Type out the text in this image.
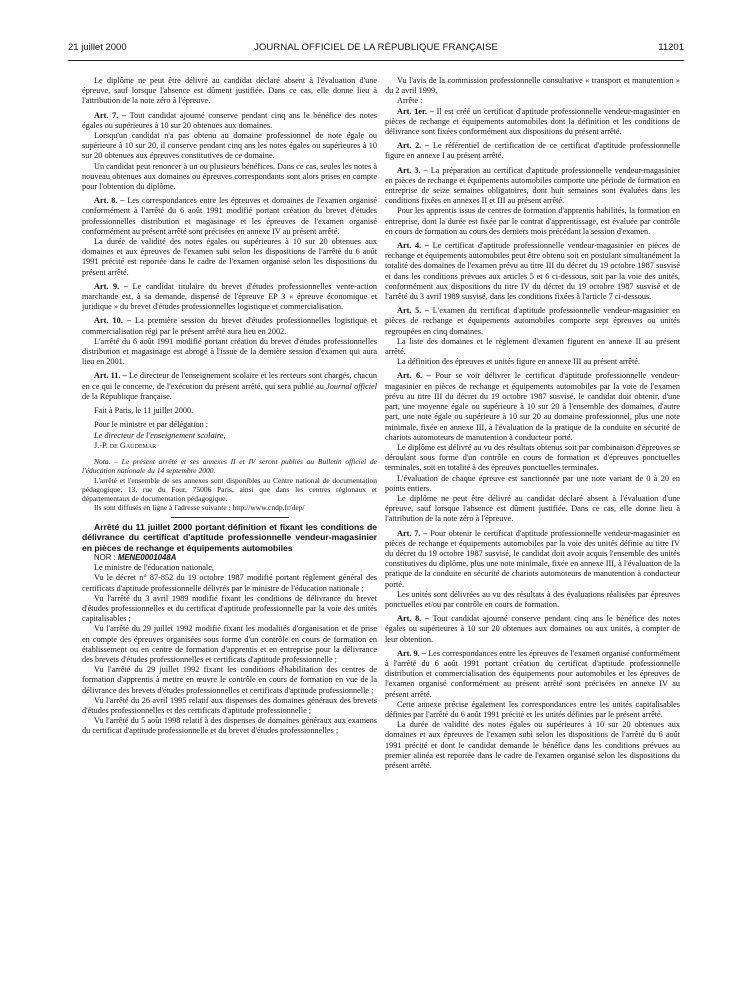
21 juillet 2000	JOURNAL OFFICIEL DE LA RÉPUBLIQUE FRANÇAISE	11201

Le diplôme ne peut être délivré au candidat déclaré absent à l'évaluation d'une épreuve, sauf lorsque l'absence est dûment justifiée. Dans ce cas, elle donne lieu à l'attribution de la note zéro à l'épreuve.

Art. 7. – Tout candidat ajourné conserve pendant cinq ans le bénéfice des notes égales ou supérieures à 10 sur 20 obtenues aux domaines.

Lorsqu'un candidat n'a pas obtenu au domaine professionnel de note égale ou supérieure à 10 sur 20, il conserve pendant cinq ans les notes égales ou supérieures à 10 sur 20 obtenues aux épreuves constitutives de ce domaine.

Un candidat peut renoncer à un ou plusieurs bénéfices. Dans ce cas, seules les notes à nouveau obtenues aux domaines ou épreuves correspondants sont alors prises en compte pour l'obtention du diplôme.

Art. 8. – Les correspondances entre les épreuves et domaines de l'examen organisé conformément à l'arrêté du 6 août 1991 modifié portant création du brevet d'études professionnelles distribution et magasinage et les épreuves de l'examen organisé conformément au présent arrêté sont précisées en annexe IV au présent arrêté.

La durée de validité des notes égales ou supérieures à 10 sur 20 obtenues aux domaines et aux épreuves de l'examen subi selon les dispositions de l'arrêté du 6 août 1991 précité est reportée dans le cadre de l'examen organisé selon les dispositions du présent arrêté.

Art. 9. – Le candidat titulaire du brevet d'études professionnelles vente-action marchande est, à sa demande, dispensé de l'épreuve EP 3 « épreuve économique et juridique » du brevet d'études professionnelles logistique et commercialisation.

Art. 10. – La première session du brevet d'études professionnelles logistique et commercialisation régi par le présent arrêté aura lieu en 2002.

L'arrêté du 6 août 1991 modifié portant création du brevet d'études professionnelles distribution et magasinage est abrogé à l'issue de la dernière session d'examen qui aura lieu en 2001.

Art. 11. – Le directeur de l'enseignement scolaire et les recteurs sont chargés, chacun en ce qui le concerne, de l'exécution du présent arrêté, qui sera publié au Journal officiel de la République française.

Fait à Paris, le 11 juillet 2000.

Pour le ministre et par délégation :

Le directeur de l'enseignement scolaire,

J.-P. de Gaudemar

Nota. – Le présent arrêté et ses annexes II et IV seront publiés au Bulletin officiel de l'éducation nationale du 14 septembre 2000.

L'arrêté et l'ensemble de ses annexes sont disponibles au Centre national de documentation pédagogique, 13, rue du Four, 75006 Paris, ainsi que dans les centres régionaux et départementaux de documentation pédagogique.

Ils sont diffusés en ligne à l'adresse suivante : http://www.cndp.fr/dep/

Arrêté du 11 juillet 2000 portant définition et fixant les conditions de délivrance du certificat d'aptitude professionnelle vendeur-magasinier en pièces de rechange et équipements automobiles

NOR : MENE0001048A

Le ministre de l'éducation nationale,

Vu le décret n° 87-852 du 19 octobre 1987 modifié portant règlement général des certificats d'aptitude professionnelle délivrés par le ministre de l'éducation nationale ;

Vu l'arrêté du 3 avril 1989 modifié fixant les conditions de délivrance du brevet d'études professionnelles et du certificat d'aptitude professionnelle par la voie des unités capitalisables ;

Vu l'arrêté du 29 juillet 1992 modifié fixant les modalités d'organisation et de prise en compte des épreuves organisées sous forme d'un contrôle en cours de formation en établissement ou en centre de formation d'apprentis et en entreprise pour la délivrance des brevets d'études professionnelles et certificats d'aptitude professionnelle ;

Vu l'arrêté du 29 juillet 1992 fixant les conditions d'habilitation des centres de formation d'apprentis à mettre en œuvre le contrôle en cours de formation en vue de la délivrance des brevets d'études professionnelles et certificats d'aptitude professionnelle ;

Vu l'arrêté du 26 avril 1995 relatif aux dispenses des domaines généraux des brevets d'études professionnelles et des certificats d'aptitude professionnelle ;

Vu l'arrêté du 5 août 1998 relatif à des dispenses de domaines généraux aux examens du certificat d'aptitude professionnelle et du brevet d'études professionnelles ;

Vu l'avis de la commission professionnelle consultative « transport et manutention » du 2 avril 1999,

Arrête :

Art. 1er. – Il est créé un certificat d'aptitude professionnelle vendeur-magasinier en pièces de rechange et équipements automobiles dont la définition et les conditions de délivrance sont fixées conformément aux dispositions du présent arrêté.

Art. 2. – Le référentiel de certification de ce certificat d'aptitude professionnelle figure en annexe I au présent arrêté.

Art. 3. – La préparation au certificat d'aptitude professionnelle vendeur-magasinier en pièces de rechange et équipements automobiles comporte une période de formation en entreprise de seize semaines obligatoires, dont huit semaines sont évaluées dans les conditions fixées en annexes II et III au présent arrêté.

Pour les apprentis issus de centres de formation d'apprentis habilités, la formation en entreprise, dont la durée est fixée par le contrat d'apprentissage, est évaluée par contrôle en cours de formation au cours des derniers mois précédant la session d'examen.

Art. 4. – Le certificat d'aptitude professionnelle vendeur-magasinier en pièces de rechange et équipements automobiles peut être obtenu soit en postulant simultanément la totalité des domaines de l'examen prévu au titre III du décret du 19 octobre 1987 susvisé et dans les conditions prévues aux articles 5 et 6 ci-dessous, soit par la voie des unités, conformément aux dispositions du titre IV du décret du 19 octobre 1987 susvisé et de l'arrêté du 3 avril 1989 susvisé, dans les conditions fixées à l'article 7 ci-dessous.

Art. 5. – L'examen du certificat d'aptitude professionnelle vendeur-magasinier en pièces de rechange et équipements automobiles comporte sept épreuves ou unités regroupées en cinq domaines.

La liste des domaines et le règlement d'examen figurent en annexe II au présent arrêté.

La définition des épreuves et unités figure en annexe III au présent arrêté.

Art. 6. – Pour se voir délivrer le certificat d'aptitude professionnelle vendeur-magasinier en pièces de rechange et équipements automobiles par la voie de l'examen prévu au titre III du décret du 19 octobre 1987 susvisé, le candidat doit obtenir, d'une part, une moyenne égale ou supérieure à 10 sur 20 à l'ensemble des domaines, d'autre part, une note égale ou supérieure à 10 sur 20 au domaine professionnel, plus une note minimale, fixée en annexe III, à l'évaluation de la pratique de la conduite en sécurité de chariots automoteurs de manutention à conducteur porté.

Le diplôme est délivré au vu des résultats obtenus soit par combinaison d'épreuves se déroulant sous forme d'un contrôle en cours de formation et d'épreuves ponctuelles terminales, soit en totalité à des épreuves ponctuelles terminales.

L'évaluation de chaque épreuve est sanctionnée par une note variant de 0 à 20 en points entiers.

Le diplôme ne peut être délivré au candidat déclaré absent à l'évaluation d'une épreuve, sauf lorsque l'absence est dûment justifiée. Dans ce cas, elle donne lieu à l'attribution de la note zéro à l'épreuve.

Art. 7. – Pour obtenir le certificat d'aptitude professionnelle vendeur-magasinier en pièces de rechange et équipements automobiles par la voie des unités définie au titre IV du décret du 19 octobre 1987 susvisé, le candidat doit avoir acquis l'ensemble des unités constitutives du diplôme, plus une note minimale, fixée en annexe III, à l'évaluation de la pratique de la conduite en sécurité de chariots automoteurs de manutention à conducteur porté.

Les unités sont délivrées au vu des résultats à des évaluations réalisées par épreuves ponctuelles et/ou par contrôle en cours de formation.

Art. 8. – Tout candidat ajourné conserve pendant cinq ans le bénéfice des notes égales ou supérieures à 10 sur 20 obtenues aux domaines ou aux unités, à compter de leur obtention.

Art. 9. – Les correspondances entre les épreuves de l'examen organisé conformément à l'arrêté du 6 août 1991 portant création du certificat d'aptitude professionnelle distribution et commercialisation des équipements pour automobiles et les épreuves de l'examen organisé conformément au présent arrêté sont précisées en annexe IV au présent arrêté.

Cette annexe précise également les correspondances entre les unités capitalisables définies par l'arrêté du 6 août 1991 précité et les unités définies par le présent arrêté.

La durée de validité des notes égales ou supérieures à 10 sur 20 obtenues aux domaines et aux épreuves de l'examen subi selon les dispositions de l'arrêté du 6 août 1991 précité et dont le candidat demande le bénéfice dans les conditions prévues au premier alinéa est reportée dans le cadre de l'examen organisé selon les dispositions du présent arrêté.
